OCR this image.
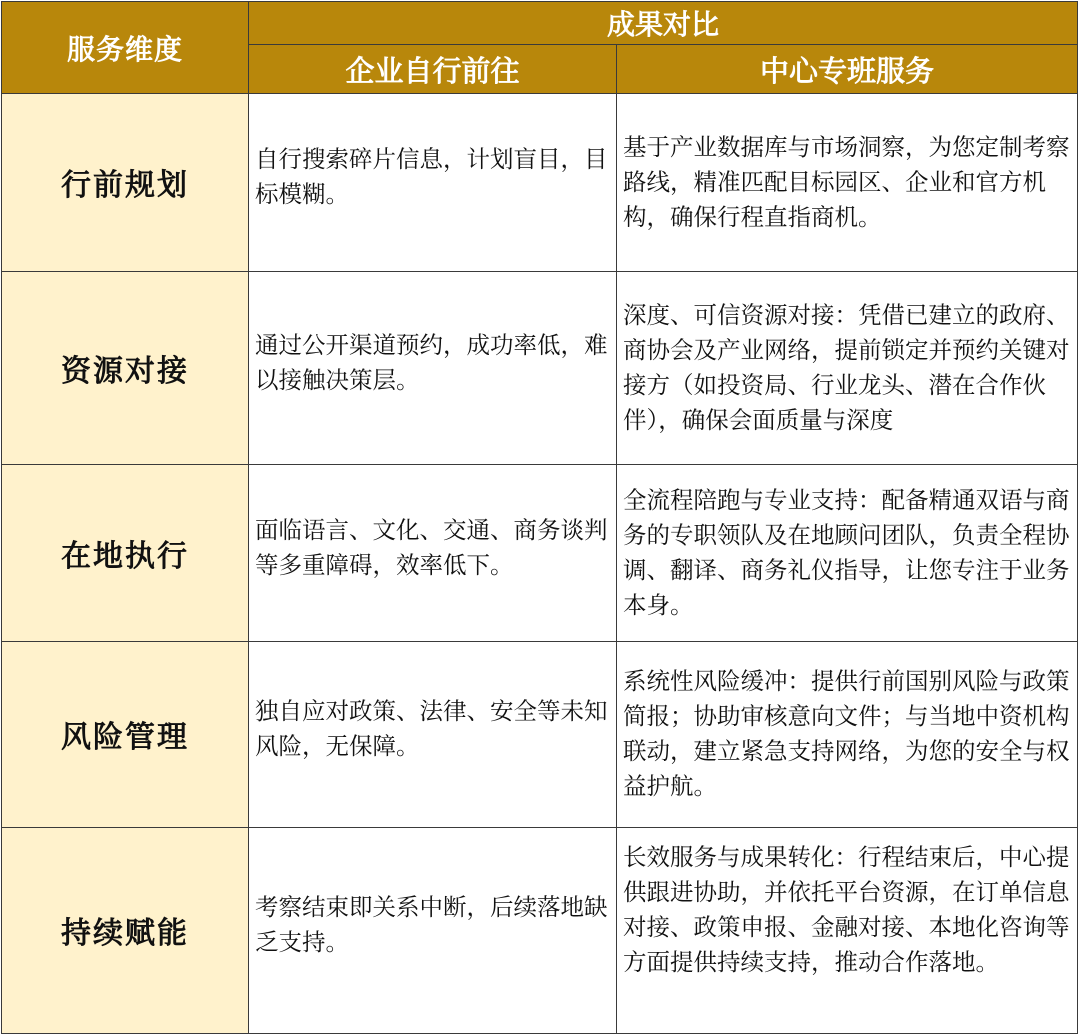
服务维度	成果对比	
	企业自行前往	中心专班服务
行前规划	自行搜索碎片信息，计划盲目，目标模糊。	基于产业数据库与市场洞察，为您定制考察路线，精准匹配目标园区、企业和官方机构，确保行程直指商机。
资源对接	通过公开渠道预约，成功率低，难以接触决策层。	深度、可信资源对接：凭借已建立的政府、商协会及产业网络，提前锁定并预约关键对接方（如投资局、行业龙头、潜在合作伙伴），确保会面质量与深度
在地执行	面临语言、文化、交通、商务谈判等多重障碍，效率低下。	全流程陪跑与专业支持：配备精通双语与商务的专职领队及在地顾问团队，负责全程协调、翻译、商务礼仪指导，让您专注于业务本身。
风险管理	独自应对政策、法律、安全等未知风险，无保障。	系统性风险缓冲：提供行前国别风险与政策简报；协助审核意向文件；与当地中资机构联动，建立紧急支持网络，为您的安全与权益护航。
持续赋能	考察结束即关系中断，后续落地缺乏支持。	长效服务与成果转化：行程结束后，中心提供跟进协助，并依托平台资源，在订单信息对接、政策申报、金融对接、本地化咨询等方面提供持续支持，推动合作落地。
